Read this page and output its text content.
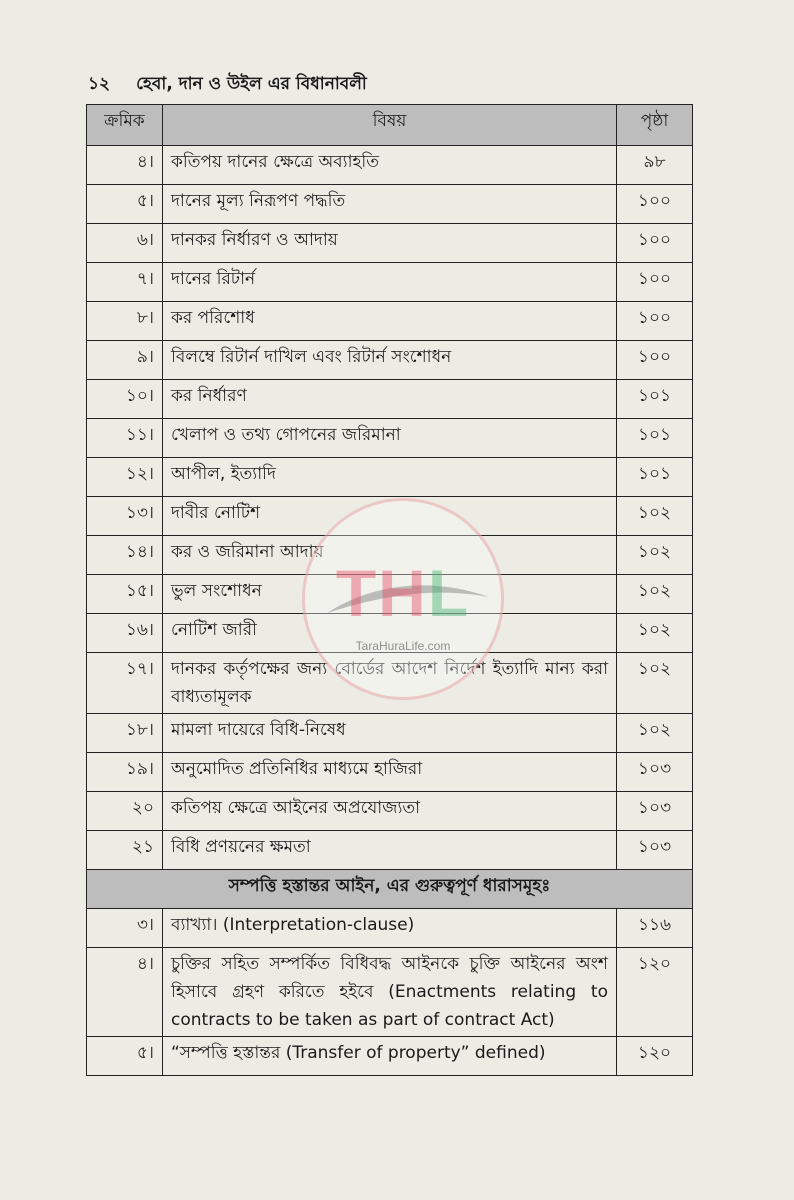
১২ হেবা, দান ও উইল এর বিধানাবলী
ক্রমিক	বিষয়	পৃষ্ঠা
৪।	কতিপয় দানের ক্ষেত্রে অব্যাহতি	৯৮
৫।	দানের মূল্য নিরূপণ পদ্ধতি	১০০
৬।	দানকর নির্ধারণ ও আদায়	১০০
৭।	দানের রিটার্ন	১০০
৮।	কর পরিশোধ	১০০
৯।	বিলম্বে রিটার্ন দাখিল এবং রিটার্ন সংশোধন	১০০
১০।	কর নির্ধারণ	১০১
১১।	খেলাপ ও তথ্য গোপনের জরিমানা	১০১
১২।	আপীল, ইত্যাদি	১০১
১৩।	দাবীর নোটিশ	১০২
১৪।	কর ও জরিমানা আদায়	১০২
১৫।	ভুল সংশোধন	১০২
১৬।	নোটিশ জারী	১০২
১৭।	দানকর কর্তৃপক্ষের জন্য বোর্ডের আদেশ নির্দেশ ইত্যাদি মান্য করা বাধ্যতামূলক	১০২
১৮।	মামলা দায়েরে বিধি-নিষেধ	১০২
১৯।	অনুমোদিত প্রতিনিধির মাধ্যমে হাজিরা	১০৩
২০	কতিপয় ক্ষেত্রে আইনের অপ্রযোজ্যতা	১০৩
২১	বিধি প্রণয়নের ক্ষমতা	১০৩
সম্পত্তি হস্তান্তর আইন, এর গুরুত্বপূর্ণ ধারাসমূহঃ		
৩।	ব্যাখ্যা। (Interpretation-clause)	১১৬
৪।	চুক্তির সহিত সম্পর্কিত বিধিবদ্ধ আইনকে চুক্তি আইনের অংশ হিসাবে গ্রহণ করিতে হইবে (Enactments relating to contracts to be taken as part of contract Act)	১২০
৫।	“সম্পত্তি হস্তান্তর (Transfer of property” defined)	১২০
THL
TaraHuraLife.com
